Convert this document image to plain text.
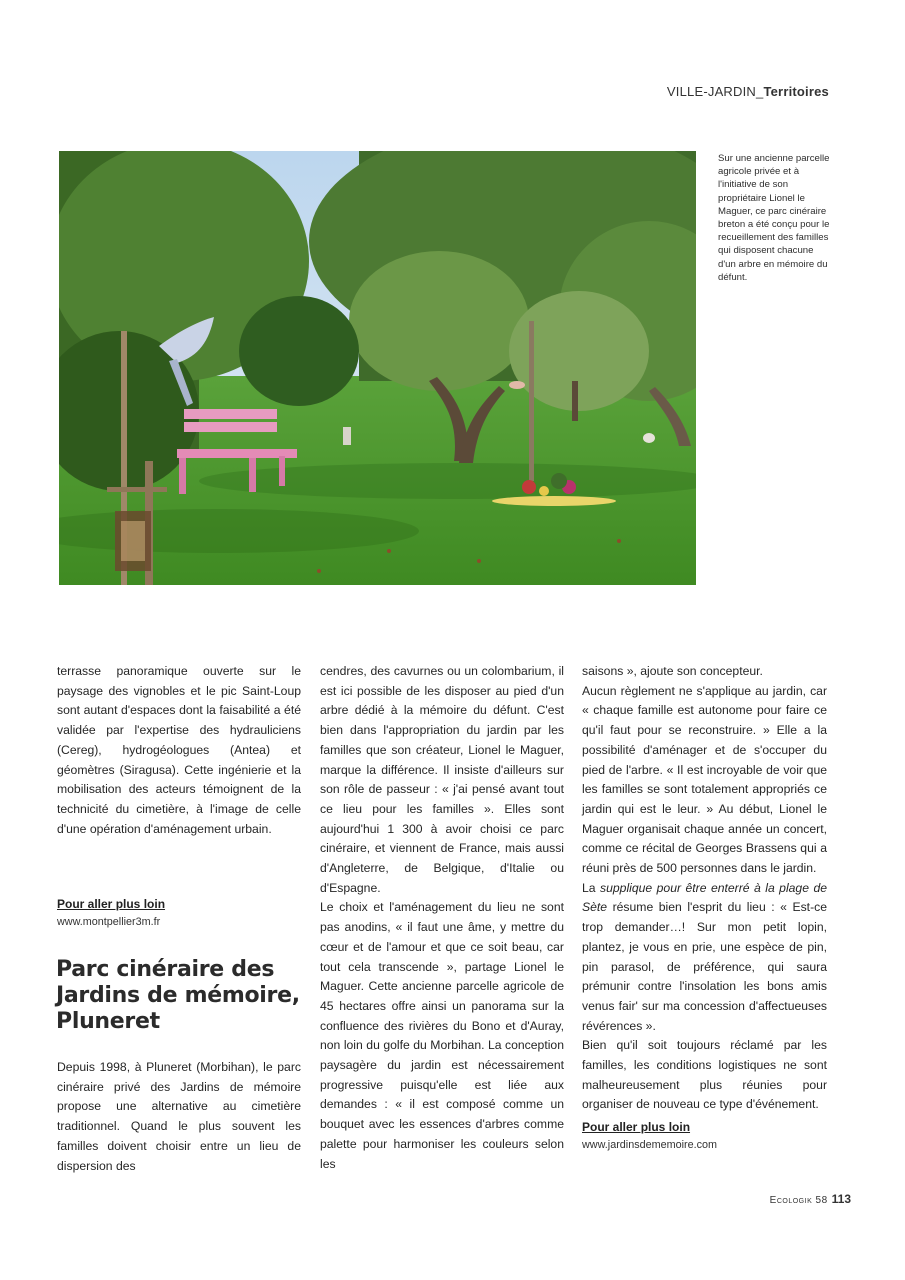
VILLE-JARDIN_Territoires
Sur une ancienne parcelle agricole privée et à l'initiative de son propriétaire Lionel le Maguer, ce parc cinéraire breton a été conçu pour le recueillement des familles qui disposent chacune d'un arbre en mémoire du défunt.

terrasse panoramique ouverte sur le paysage des vignobles et le pic Saint-Loup sont autant d'espaces dont la faisabilité a été validée par l'expertise des hydrauliciens (Cereg), hydrogéologues (Antea) et géomètres (Siragusa). Cette ingénierie et la mobilisation des acteurs témoignent de la technicité du cimetière, à l'image de celle d'une opération d'aménagement urbain.

Pour aller plus loin
www.montpellier3m.fr
Parc cinéraire des Jardins de mémoire, Pluneret

Depuis 1998, à Pluneret (Morbihan), le parc cinéraire privé des Jardins de mémoire propose une alternative au cimetière traditionnel. Quand le plus souvent les familles doivent choisir entre un lieu de dispersion des

cendres, des cavurnes ou un colombarium, il est ici possible de les disposer au pied d'un arbre dédié à la mémoire du défunt. C'est bien dans l'appropriation du jardin par les familles que son créateur, Lionel le Maguer, marque la différence. Il insiste d'ailleurs sur son rôle de passeur : « j'ai pensé avant tout ce lieu pour les familles ». Elles sont aujourd'hui 1 300 à avoir choisi ce parc cinéraire, et viennent de France, mais aussi d'Angleterre, de Belgique, d'Italie ou d'Espagne.

Le choix et l'aménagement du lieu ne sont pas anodins, « il faut une âme, y mettre du cœur et de l'amour et que ce soit beau, car tout cela transcende », partage Lionel le Maguer. Cette ancienne parcelle agricole de 45 hectares offre ainsi un panorama sur la confluence des rivières du Bono et d'Auray, non loin du golfe du Morbihan. La conception paysagère du jardin est nécessairement progressive puisqu'elle est liée aux demandes : « il est composé comme un bouquet avec les essences d'arbres comme palette pour harmoniser les couleurs selon les

saisons », ajoute son concepteur.

Aucun règlement ne s'applique au jardin, car « chaque famille est autonome pour faire ce qu'il faut pour se reconstruire. » Elle a la possibilité d'aménager et de s'occuper du pied de l'arbre. « Il est incroyable de voir que les familles se sont totalement appropriés ce jardin qui est le leur. » Au début, Lionel le Maguer organisait chaque année un concert, comme ce récital de Georges Brassens qui a réuni près de 500 personnes dans le jardin.

La supplique pour être enterré à la plage de Sète résume bien l'esprit du lieu : « Est-ce trop demander…! Sur mon petit lopin, plantez, je vous en prie, une espèce de pin, pin parasol, de préférence, qui saura prémunir contre l'insolation les bons amis venus fair' sur ma concession d'affectueuses révérences ».

Bien qu'il soit toujours réclamé par les familles, les conditions logistiques ne sont malheureusement plus réunies pour organiser de nouveau ce type d'événement.

Pour aller plus loin
www.jardinsdememoire.com
Ecologik 58 113
